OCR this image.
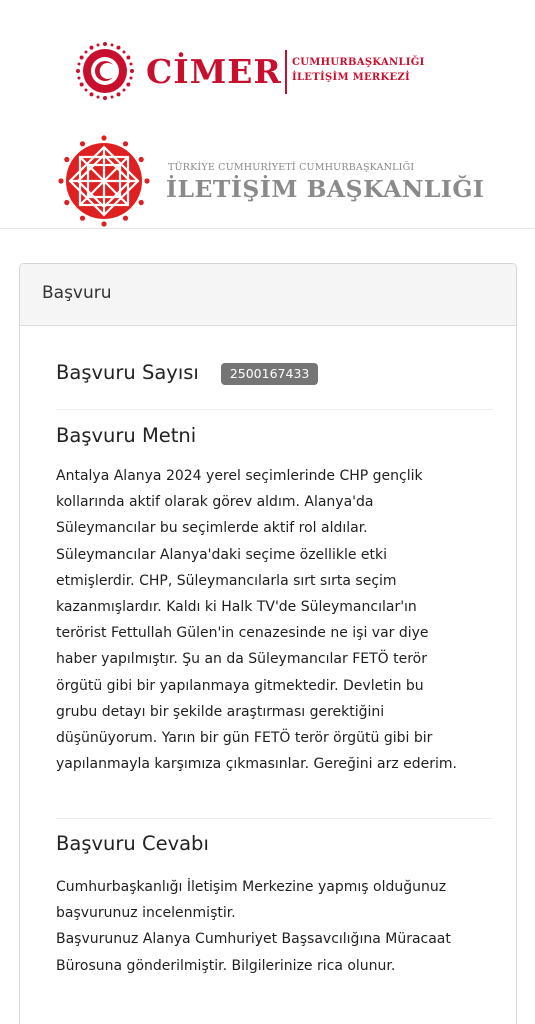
CİMER CUMHURBAŞKANLIĞI
İLETİŞİM MERKEZİ
TÜRKİYE CUMHURİYETİ CUMHURBAŞKANLIĞI
İLETİŞİM BAŞKANLIĞI
Başvuru
Başvuru Sayısı	2500167433
Başvuru Metni
Antalya Alanya 2024 yerel seçimlerinde CHP gençlik
kollarında aktif olarak görev aldım. Alanya'da
Süleymancılar bu seçimlerde aktif rol aldılar.
Süleymancılar Alanya'daki seçime özellikle etki
etmişlerdir. CHP, Süleymancılarla sırt sırta seçim
kazanmışlardır. Kaldı ki Halk TV'de Süleymancılar'ın
terörist Fettullah Gülen'in cenazesinde ne işi var diye
haber yapılmıştır. Şu an da Süleymancılar FETÖ terör
örgütü gibi bir yapılanmaya gitmektedir. Devletin bu
grubu detayı bir şekilde araştırması gerektiğini
düşünüyorum. Yarın bir gün FETÖ terör örgütü gibi bir
yapılanmayla karşımıza çıkmasınlar. Gereğini arz ederim.
Başvuru Cevabı
Cumhurbaşkanlığı İletişim Merkezine yapmış olduğunuz
başvurunuz incelenmiştir.
Başvurunuz Alanya Cumhuriyet Başsavcılığına Müracaat
Bürosuna gönderilmiştir. Bilgilerinize rica olunur.
